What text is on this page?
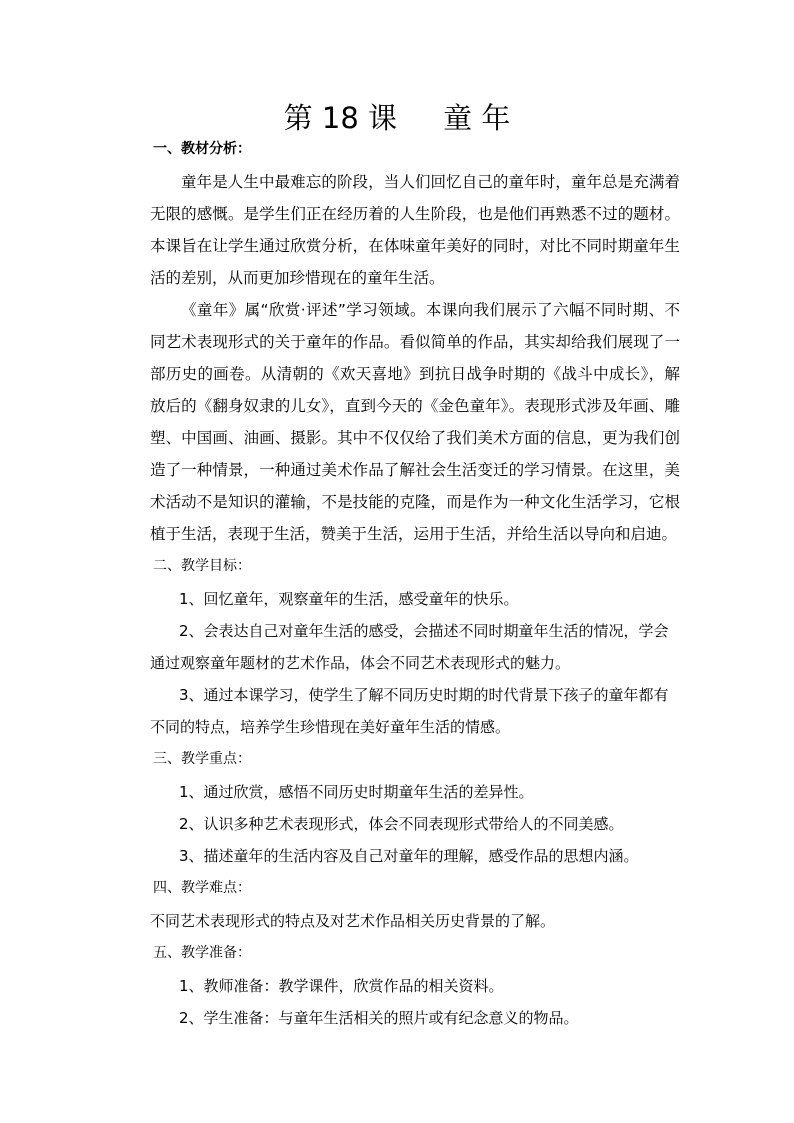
第 18 课     童 年
一、教材分析：

童年是人生中最难忘的阶段，当人们回忆自己的童年时，童年总是充满着无限的感慨。是学生们正在经历着的人生阶段，也是他们再熟悉不过的题材。本课旨在让学生通过欣赏分析，在体味童年美好的同时，对比不同时期童年生活的差别，从而更加珍惜现在的童年生活。

《童年》属“欣赏·评述”学习领域。本课向我们展示了六幅不同时期、不同艺术表现形式的关于童年的作品。看似简单的作品，其实却给我们展现了一部历史的画卷。从清朝的《欢天喜地》到抗日战争时期的《战斗中成长》，解放后的《翻身奴隶的儿女》，直到今天的《金色童年》。表现形式涉及年画、雕塑、中国画、油画、摄影。其中不仅仅给了我们美术方面的信息，更为我们创造了一种情景，一种通过美术作品了解社会生活变迁的学习情景。在这里，美术活动不是知识的灌输，不是技能的克隆，而是作为一种文化生活学习，它根植于生活，表现于生活，赞美于生活，运用于生活，并给生活以导向和启迪。

二、教学目标：

1、回忆童年，观察童年的生活，感受童年的快乐。

2、会表达自己对童年生活的感受，会描述不同时期童年生活的情况，学会通过观察童年题材的艺术作品，体会不同艺术表现形式的魅力。

3、通过本课学习，使学生了解不同历史时期的时代背景下孩子的童年都有不同的特点，培养学生珍惜现在美好童年生活的情感。

三、教学重点：

1、通过欣赏，感悟不同历史时期童年生活的差异性。

2、认识多种艺术表现形式，体会不同表现形式带给人的不同美感。

3、描述童年的生活内容及自己对童年的理解，感受作品的思想内涵。

四、教学难点：

不同艺术表现形式的特点及对艺术作品相关历史背景的了解。

五、教学准备：

1、教师准备：教学课件，欣赏作品的相关资料。

2、学生准备：与童年生活相关的照片或有纪念意义的物品。
